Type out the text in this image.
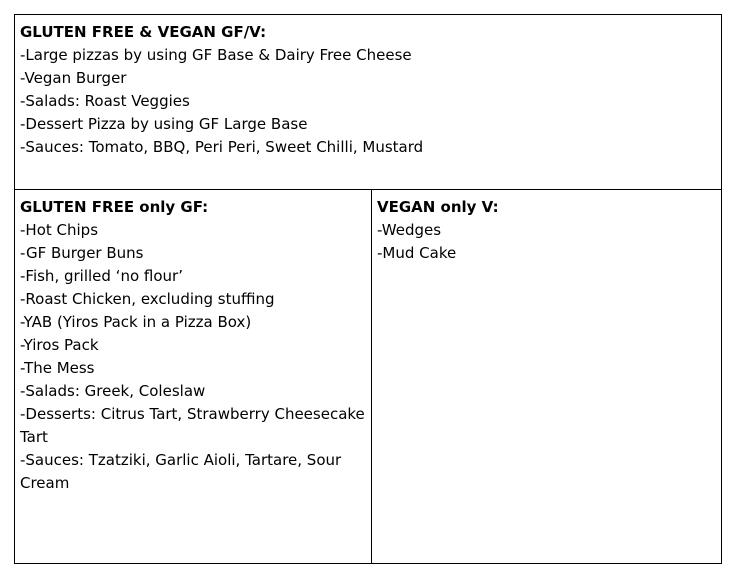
GLUTEN FREE & VEGAN GF/V:
-Large pizzas by using GF Base & Dairy Free Cheese
-Vegan Burger
-Salads: Roast Veggies
-Dessert Pizza by using GF Large Base
-Sauces: Tomato, BBQ, Peri Peri, Sweet Chilli, Mustard
GLUTEN FREE only GF:
-Hot Chips
-GF Burger Buns
-Fish, grilled ‘no flour’
-Roast Chicken, excluding stuffing
-YAB (Yiros Pack in a Pizza Box)
-Yiros Pack
-The Mess
-Salads: Greek, Coleslaw
-Desserts: Citrus Tart, Strawberry Cheesecake Tart
-Sauces: Tzatziki, Garlic Aioli, Tartare, Sour Cream
VEGAN only V:
-Wedges
-Mud Cake
